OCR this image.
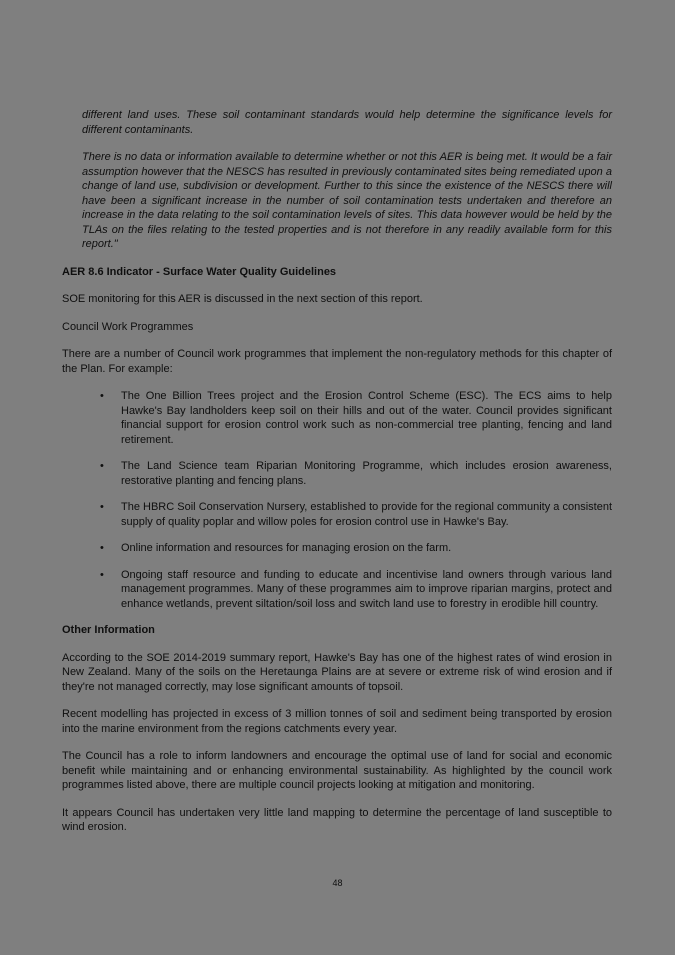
different land uses. These soil contaminant standards would help determine the significance levels for different contaminants.

There is no data or information available to determine whether or not this AER is being met. It would be a fair assumption however that the NESCS has resulted in previously contaminated sites being remediated upon a change of land use, subdivision or development. Further to this since the existence of the NESCS there will have been a significant increase in the number of soil contamination tests undertaken and therefore an increase in the data relating to the soil contamination levels of sites. This data however would be held by the TLAs on the files relating to the tested properties and is not therefore in any readily available form for this report."

AER 8.6 Indicator - Surface Water Quality Guidelines

SOE monitoring for this AER is discussed in the next section of this report.

Council Work Programmes

There are a number of Council work programmes that implement the non-regulatory methods for this chapter of the Plan. For example:

• The One Billion Trees project and the Erosion Control Scheme (ESC). The ECS aims to help Hawke's Bay landholders keep soil on their hills and out of the water. Council provides significant financial support for erosion control work such as non-commercial tree planting, fencing and land retirement.
• The Land Science team Riparian Monitoring Programme, which includes erosion awareness, restorative planting and fencing plans.
• The HBRC Soil Conservation Nursery, established to provide for the regional community a consistent supply of quality poplar and willow poles for erosion control use in Hawke's Bay.
• Online information and resources for managing erosion on the farm.
• Ongoing staff resource and funding to educate and incentivise land owners through various land management programmes. Many of these programmes aim to improve riparian margins, protect and enhance wetlands, prevent siltation/soil loss and switch land use to forestry in erodible hill country.

Other Information

According to the SOE 2014-2019 summary report, Hawke's Bay has one of the highest rates of wind erosion in New Zealand. Many of the soils on the Heretaunga Plains are at severe or extreme risk of wind erosion and if they're not managed correctly, may lose significant amounts of topsoil.

Recent modelling has projected in excess of 3 million tonnes of soil and sediment being transported by erosion into the marine environment from the regions catchments every year.

The Council has a role to inform landowners and encourage the optimal use of land for social and economic benefit while maintaining and or enhancing environmental sustainability. As highlighted by the council work programmes listed above, there are multiple council projects looking at mitigation and monitoring.

It appears Council has undertaken very little land mapping to determine the percentage of land susceptible to wind erosion.

48
